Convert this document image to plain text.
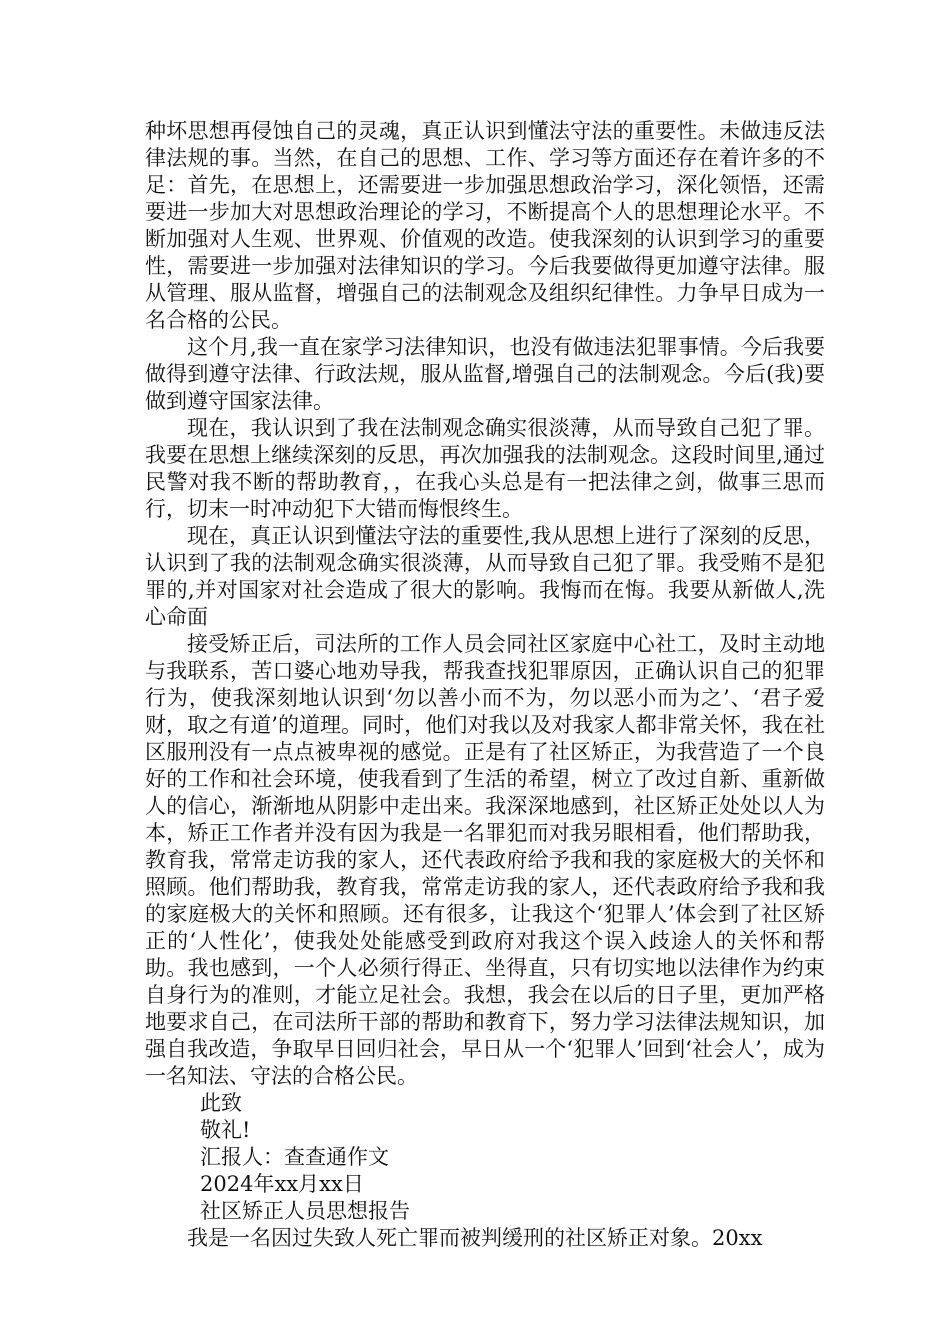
种坏思想再侵蚀自己的灵魂，真正认识到懂法守法的重要性。未做违反法律法规的事。当然，在自己的思想、工作、学习等方面还存在着许多的不足：首先，在思想上，还需要进一步加强思想政治学习，深化领悟，还需要进一步加大对思想政治理论的学习，不断提高个人的思想理论水平。不断加强对人生观、世界观、价值观的改造。使我深刻的认识到学习的重要性，需要进一步加强对法律知识的学习。今后我要做得更加遵守法律。服从管理、服从监督，增强自己的法制观念及组织纪律性。力争早日成为一名合格的公民。

这个月,我一直在家学习法律知识，也没有做违法犯罪事情。今后我要做得到遵守法律、行政法规，服从监督,增强自己的法制观念。今后(我)要做到遵守国家法律。

现在，我认识到了我在法制观念确实很淡薄，从而导致自己犯了罪。我要在思想上继续深刻的反思，再次加强我的法制观念。这段时间里,通过民警对我不断的帮助教育，，在我心头总是有一把法律之剑，做事三思而行，切末一时冲动犯下大错而悔恨终生。

现在，真正认识到懂法守法的重要性,我从思想上进行了深刻的反思，认识到了我的法制观念确实很淡薄，从而导致自己犯了罪。我受贿不是犯罪的,并对国家对社会造成了很大的影响。我悔而在悔。我要从新做人,洗心命面

接受矫正后，司法所的工作人员会同社区家庭中心社工，及时主动地与我联系，苦口婆心地劝导我，帮我查找犯罪原因，正确认识自己的犯罪行为，使我深刻地认识到‘勿以善小而不为，勿以恶小而为之’、‘君子爱财，取之有道’的道理。同时，他们对我以及对我家人都非常关怀，我在社区服刑没有一点点被卑视的感觉。正是有了社区矫正，为我营造了一个良好的工作和社会环境，使我看到了生活的希望，树立了改过自新、重新做人的信心，渐渐地从阴影中走出来。我深深地感到，社区矫正处处以人为本，矫正工作者并没有因为我是一名罪犯而对我另眼相看，他们帮助我，教育我，常常走访我的家人，还代表政府给予我和我的家庭极大的关怀和照顾。他们帮助我，教育我，常常走访我的家人，还代表政府给予我和我的家庭极大的关怀和照顾。还有很多，让我这个‘犯罪人’体会到了社区矫正的‘人性化’，使我处处能感受到政府对我这个误入歧途人的关怀和帮助。我也感到，一个人必须行得正、坐得直，只有切实地以法律作为约束自身行为的准则，才能立足社会。我想，我会在以后的日子里，更加严格地要求自己，在司法所干部的帮助和教育下，努力学习法律法规知识，加强自我改造，争取早日回归社会，早日从一个‘犯罪人’回到‘社会人’，成为一名知法、守法的合格公民。

此致

敬礼!

汇报人：查查通作文

2024年xx月xx日

社区矫正人员思想报告

我是一名因过失致人死亡罪而被判缓刑的社区矫正对象。20xx
